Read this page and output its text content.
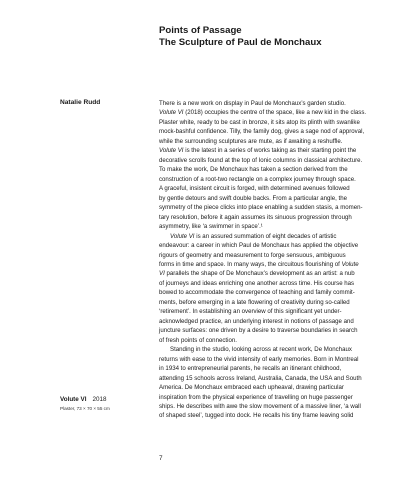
Points of Passage
The Sculpture of Paul de Monchaux
Natalie Rudd	There is a new work on display in Paul de Monchaux’s garden studio.
Volute VI (2018) occupies the centre of the space, like a new kid in the class.
Plaster white, ready to be cast in bronze, it sits atop its plinth with swanlike
mock-bashful confidence. Tilly, the family dog, gives a sage nod of approval,
while the surrounding sculptures are mute, as if awaiting a reshuffle.
Volute VI is the latest in a series of works taking as their starting point the
decorative scrolls found at the top of Ionic columns in classical architecture.
To make the work, De Monchaux has taken a section derived from the
construction of a root-two rectangle on a complex journey through space.
A graceful, insistent circuit is forged, with determined avenues followed
by gentle detours and swift double backs. From a particular angle, the
symmetry of the piece clicks into place enabling a sudden stasis, a momen-
tary resolution, before it again assumes its sinuous progression through
asymmetry, like ‘a swimmer in space’.¹
Volute VI is an assured summation of eight decades of artistic
endeavour: a career in which Paul de Monchaux has applied the objective
rigours of geometry and measurement to forge sensuous, ambiguous
forms in time and space. In many ways, the circuitous flourishing of Volute
VI parallels the shape of De Monchaux’s development as an artist: a nub
of journeys and ideas enriching one another across time. His course has
bowed to accommodate the convergence of teaching and family commit-
ments, before emerging in a late flowering of creativity during so-called
‘retirement’. In establishing an overview of this significant yet under-
acknowledged practice, an underlying interest in notions of passage and
juncture surfaces: one driven by a desire to traverse boundaries in search
of fresh points of connection.
Standing in the studio, looking across at recent work, De Monchaux
returns with ease to the vivid intensity of early memories. Born in Montreal
in 1934 to entrepreneurial parents, he recalls an itinerant childhood,
attending 15 schools across Ireland, Australia, Canada, the USA and South
America. De Monchaux embraced each upheaval, drawing particular
inspiration from the physical experience of travelling on huge passenger
ships. He describes with awe the slow movement of a massive liner, ‘a wall
of shaped steel’, tugged into dock. He recalls his tiny frame leaving solid
Volute VI 2018
Plaster, 73 × 70 × 55 cm
7
